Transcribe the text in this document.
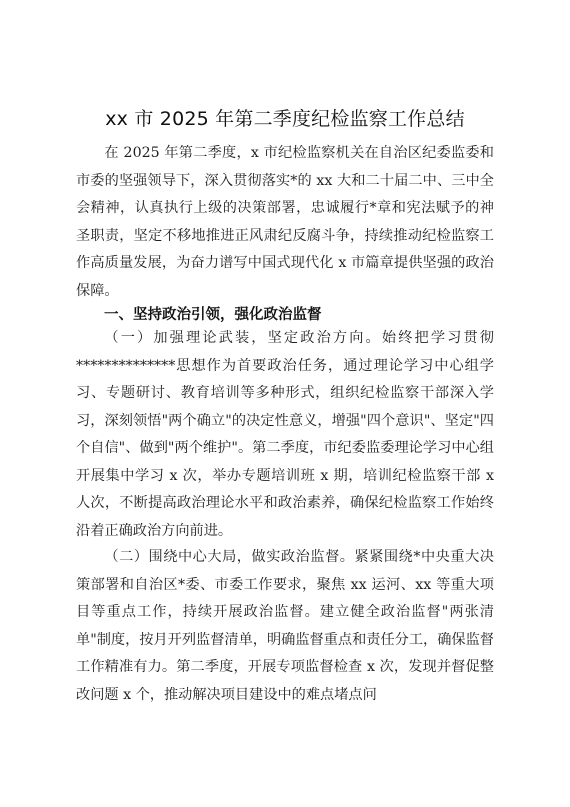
xx 市 2025 年第二季度纪检监察工作总结
在 2025 年第二季度，x 市纪检监察机关在自治区纪委监委和市委的坚强领导下，深入贯彻落实*的 xx 大和二十届二中、三中全会精神，认真执行上级的决策部署，忠诚履行*章和宪法赋予的神圣职责，坚定不移地推进正风肃纪反腐斗争，持续推动纪检监察工作高质量发展，为奋力谱写中国式现代化 x 市篇章提供坚强的政治保障。
一、坚持政治引领，强化政治监督
（一）加强理论武装，坚定政治方向。始终把学习贯彻**************思想作为首要政治任务，通过理论学习中心组学习、专题研讨、教育培训等多种形式，组织纪检监察干部深入学习，深刻领悟"两个确立"的决定性意义，增强"四个意识"、坚定"四个自信"、做到"两个维护"。第二季度，市纪委监委理论学习中心组开展集中学习 x 次，举办专题培训班 x 期，培训纪检监察干部 x 人次，不断提高政治理论水平和政治素养，确保纪检监察工作始终沿着正确政治方向前进。
（二）围绕中心大局，做实政治监督。紧紧围绕*中央重大决策部署和自治区*委、市委工作要求，聚焦 xx 运河、xx 等重大项目等重点工作，持续开展政治监督。建立健全政治监督"两张清单"制度，按月开列监督清单，明确监督重点和责任分工，确保监督工作精准有力。第二季度，开展专项监督检查 x 次，发现并督促整改问题 x 个，推动解决项目建设中的难点堵点问
